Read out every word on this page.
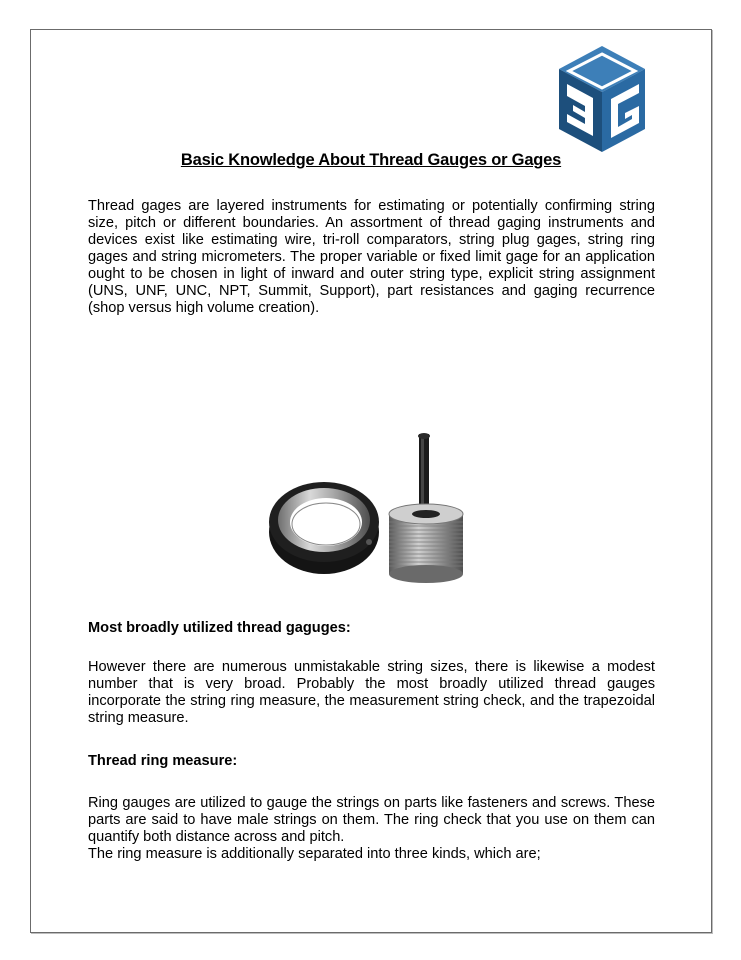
Basic Knowledge About Thread Gauges or Gages
Thread gages are layered instruments for estimating or potentially confirming string size, pitch or different boundaries. An assortment of thread gaging instruments and devices exist like estimating wire, tri-roll comparators, string plug gages, string ring gages and string micrometers. The proper variable or fixed limit gage for an application ought to be chosen in light of inward and outer string type, explicit string assignment (UNS, UNF, UNC, NPT, Summit, Support), part resistances and gaging recurrence (shop versus high volume creation).
Most broadly utilized thread gaguges:
However there are numerous unmistakable string sizes, there is likewise a modest number that is very broad. Probably the most broadly utilized thread gauges incorporate the string ring measure, the measurement string check, and the trapezoidal string measure.
Thread ring measure:
Ring gauges are utilized to gauge the strings on parts like fasteners and screws. These parts are said to have male strings on them. The ring check that you use on them can quantify both distance across and pitch.
The ring measure is additionally separated into three kinds, which are;
